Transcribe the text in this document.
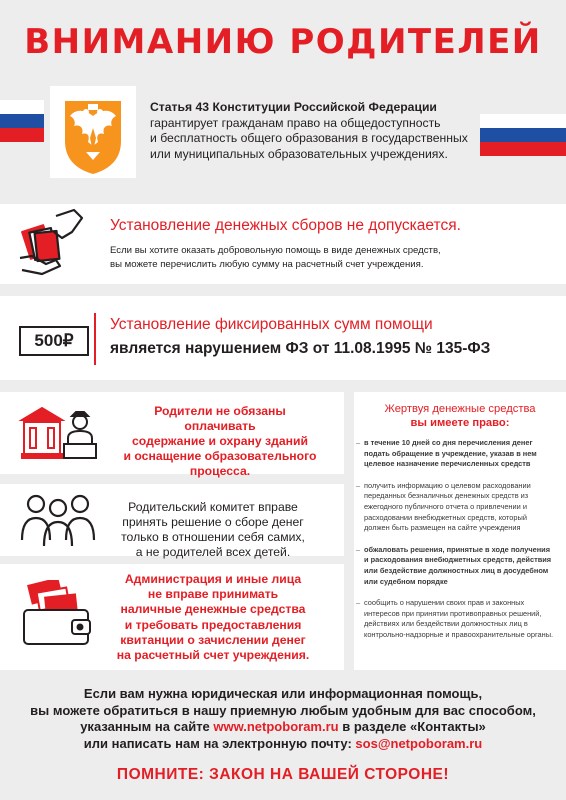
ВНИМАНИЮ РОДИТЕЛЕЙ
Статья 43 Конституции Российской Федерации
гарантирует гражданам право на общедоступность
и бесплатность общего образования в государственных
или муниципальных образовательных учреждениях.
Установление денежных сборов не допускается.
Если вы хотите оказать добровольную помощь в виде денежных средств,
вы можете перечислить любую сумму на расчетный счет учреждения.
500₽
Установление фиксированных сумм помощи
является нарушением ФЗ от 11.08.1995 № 135-ФЗ
Родители не обязаны оплачивать
содержание и охрану зданий
и оснащение образовательного
процесса.
Родительский комитет вправе
принять решение о сборе денег
только в отношении себя самих,
а не родителей всех детей.
Администрация и иные лица
не вправе принимать
наличные денежные средства
и требовать предоставления
квитанции о зачислении денег
на расчетный счет учреждения.
Жертвуя денежные средства
вы имеете право:
– в течение 10 дней со дня перечисления денег подать обращение в учреждение, указав в нем целевое назначение перечисленных средств
– получить информацию о целевом расходовании переданных безналичных денежных средств из ежегодного публичного отчета о привлечении и расходовании внебюджетных средств, который должен быть размещен на сайте учреждения
– обжаловать решения, принятые в ходе получения и расходования внебюджетных средств, действия или бездействие должностных лиц в досудебном или судебном порядке
– сообщить о нарушении своих прав и законных интересов при принятии противоправных решений, действиях или бездействии должностных лиц в контрольно-надзорные и правоохранительные органы.
Если вам нужна юридическая или информационная помощь,
вы можете обратиться в нашу приемную любым удобным для вас способом,
указанным на сайте www.netpoboram.ru в разделе «Контакты»
или написать нам на электронную почту: sos@netpoboram.ru
ПОМНИТЕ: ЗАКОН НА ВАШЕЙ СТОРОНЕ!
